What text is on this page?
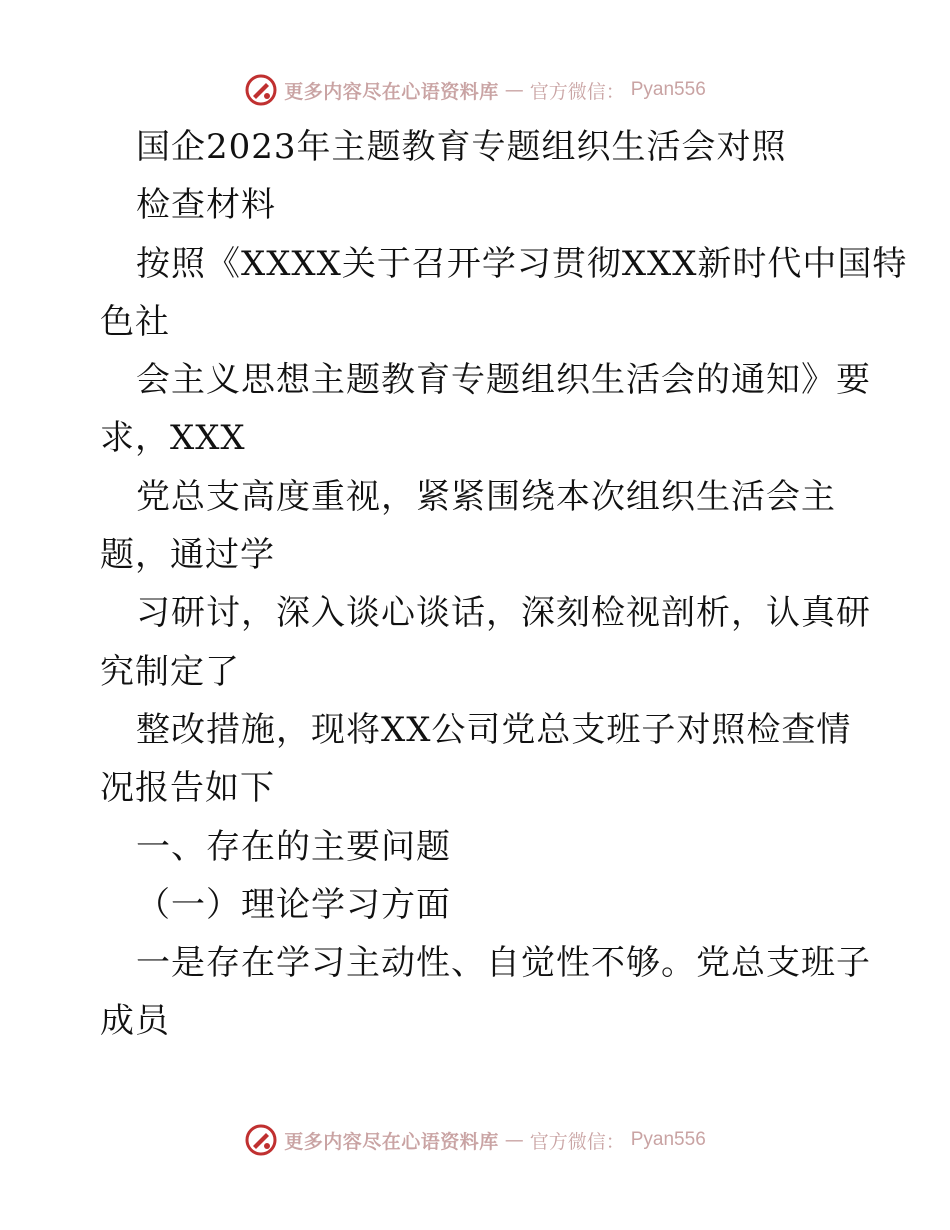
更多内容尽在心语资料库 — 官方微信： Pyan556
国企2023年主题教育专题组织生活会对照
检查材料
按照《XXXX关于召开学习贯彻XXX新时代中国特
色社
会主义思想主题教育专题组织生活会的通知》要
求，XXX
党总支高度重视，紧紧围绕本次组织生活会主
题，通过学
习研讨，深入谈心谈话，深刻检视剖析，认真研
究制定了
整改措施，现将XX公司党总支班子对照检查情
况报告如下
一、存在的主要问题
（一）理论学习方面
一是存在学习主动性、自觉性不够。党总支班子
成员
更多内容尽在心语资料库 — 官方微信： Pyan556
